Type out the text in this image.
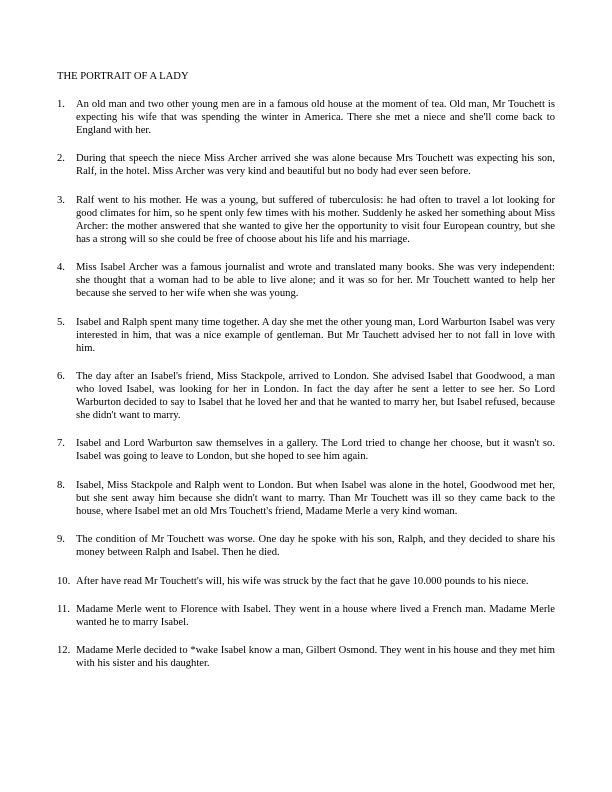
THE PORTRAIT OF A LADY
1. An old man and two other young men are in a famous old house at the moment of tea. Old man, Mr Touchett is expecting his wife that was spending the winter in America. There she met a niece and she'll come back to England with her.
2. During that speech the niece Miss Archer arrived she was alone because Mrs Touchett was expecting his son, Ralf, in the hotel. Miss Archer was very kind and beautiful but no body had ever seen before.
3. Ralf went to his mother. He was a young, but suffered of tuberculosis: he had often to travel a lot looking for good climates for him, so he spent only few times with his mother. Suddenly he asked her something about Miss Archer: the mother answered that she wanted to give her the opportunity to visit four European country, but she has a strong will so she could be free of choose about his life and his marriage.
4. Miss Isabel Archer was a famous journalist and wrote and translated many books. She was very independent: she thought that a woman had to be able to live alone; and it was so for her. Mr Touchett wanted to help her because she served to her wife when she was young.
5. Isabel and Ralph spent many time together. A day she met the other young man, Lord Warburton Isabel was very interested in him, that was a nice example of gentleman. But Mr Tauchett advised her to not fall in love with him.
6. The day after an Isabel's friend, Miss Stackpole, arrived to London. She advised Isabel that Goodwood, a man who loved Isabel, was looking for her in London. In fact the day after he sent a letter to see her. So Lord Warburton decided to say to Isabel that he loved her and that he wanted to marry her, but Isabel refused, because she didn't want to marry.
7. Isabel and Lord Warburton saw themselves in a gallery. The Lord tried to change her choose, but it wasn't so. Isabel was going to leave to London, but she hoped to see him again.
8. Isabel, Miss Stackpole and Ralph went to London. But when Isabel was alone in the hotel, Goodwood met her, but she sent away him because she didn't want to marry. Than Mr Touchett was ill so they came back to the house, where Isabel met an old Mrs Touchett's friend, Madame Merle a very kind woman.
9. The condition of Mr Touchett was worse. One day he spoke with his son, Ralph, and they decided to share his money between Ralph and Isabel. Then he died.
10. After have read Mr Touchett's will, his wife was struck by the fact that he gave 10.000 pounds to his niece.
11. Madame Merle went to Florence with Isabel. They went in a house where lived a French man. Madame Merle wanted he to marry Isabel.
12. Madame Merle decided to *wake Isabel know a man, Gilbert Osmond. They went in his house and they met him with his sister and his daughter.
